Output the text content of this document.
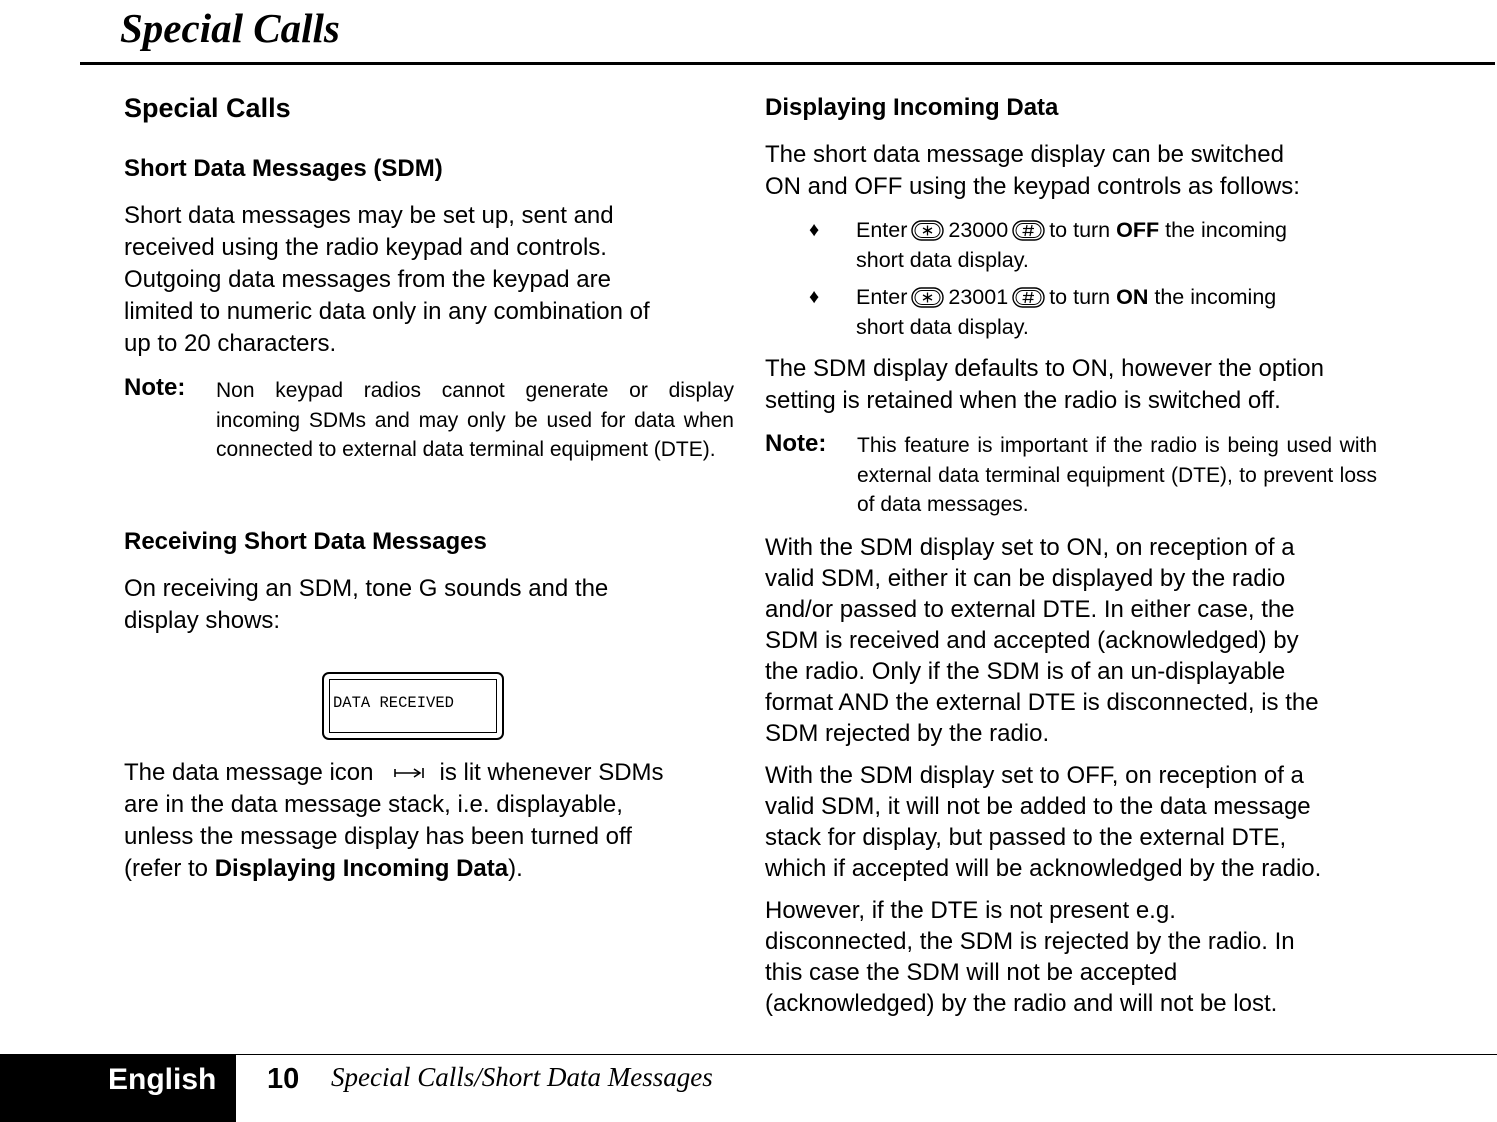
Special Calls
Special Calls
Short Data Messages (SDM)
Short data messages may be set up, sent and
received using the radio keypad and controls.
Outgoing data messages from the keypad are
limited to numeric data only in any combination of
up to 20 characters.
Note: Non keypad radios cannot generate or display incoming SDMs and may only be used for data when connected to external data terminal equipment (DTE).
Receiving Short Data Messages
On receiving an SDM, tone G sounds and the
display shows:
The data message icon	is lit whenever SDMs
are in the data message stack, i.e. displayable,
unless the message display has been turned off
(refer to Displaying Incoming Data).
DATA RECEIVED
Displaying Incoming Data
The short data message display can be switched
ON and OFF using the keypad controls as follows:
♦ Enter 23000 to turn OFF the incoming
short data display.
♦ Enter 23001 to turn ON the incoming
short data display.
The SDM display defaults to ON, however the option
setting is retained when the radio is switched off.
Note: This feature is important if the radio is being used with external data terminal equipment (DTE), to prevent loss of data messages.
With the SDM display set to ON, on reception of a
valid SDM, either it can be displayed by the radio
and/or passed to external DTE. In either case, the
SDM is received and accepted (acknowledged) by
the radio. Only if the SDM is of an un-displayable
format AND the external DTE is disconnected, is the
SDM rejected by the radio.
With the SDM display set to OFF, on reception of a
valid SDM, it will not be added to the data message
stack for display, but passed to the external DTE,
which if accepted will be acknowledged by the radio.
However, if the DTE is not present e.g.
disconnected, the SDM is rejected by the radio. In
this case the SDM will not be accepted
(acknowledged) by the radio and will not be lost.
English 10 Special Calls/Short Data Messages
